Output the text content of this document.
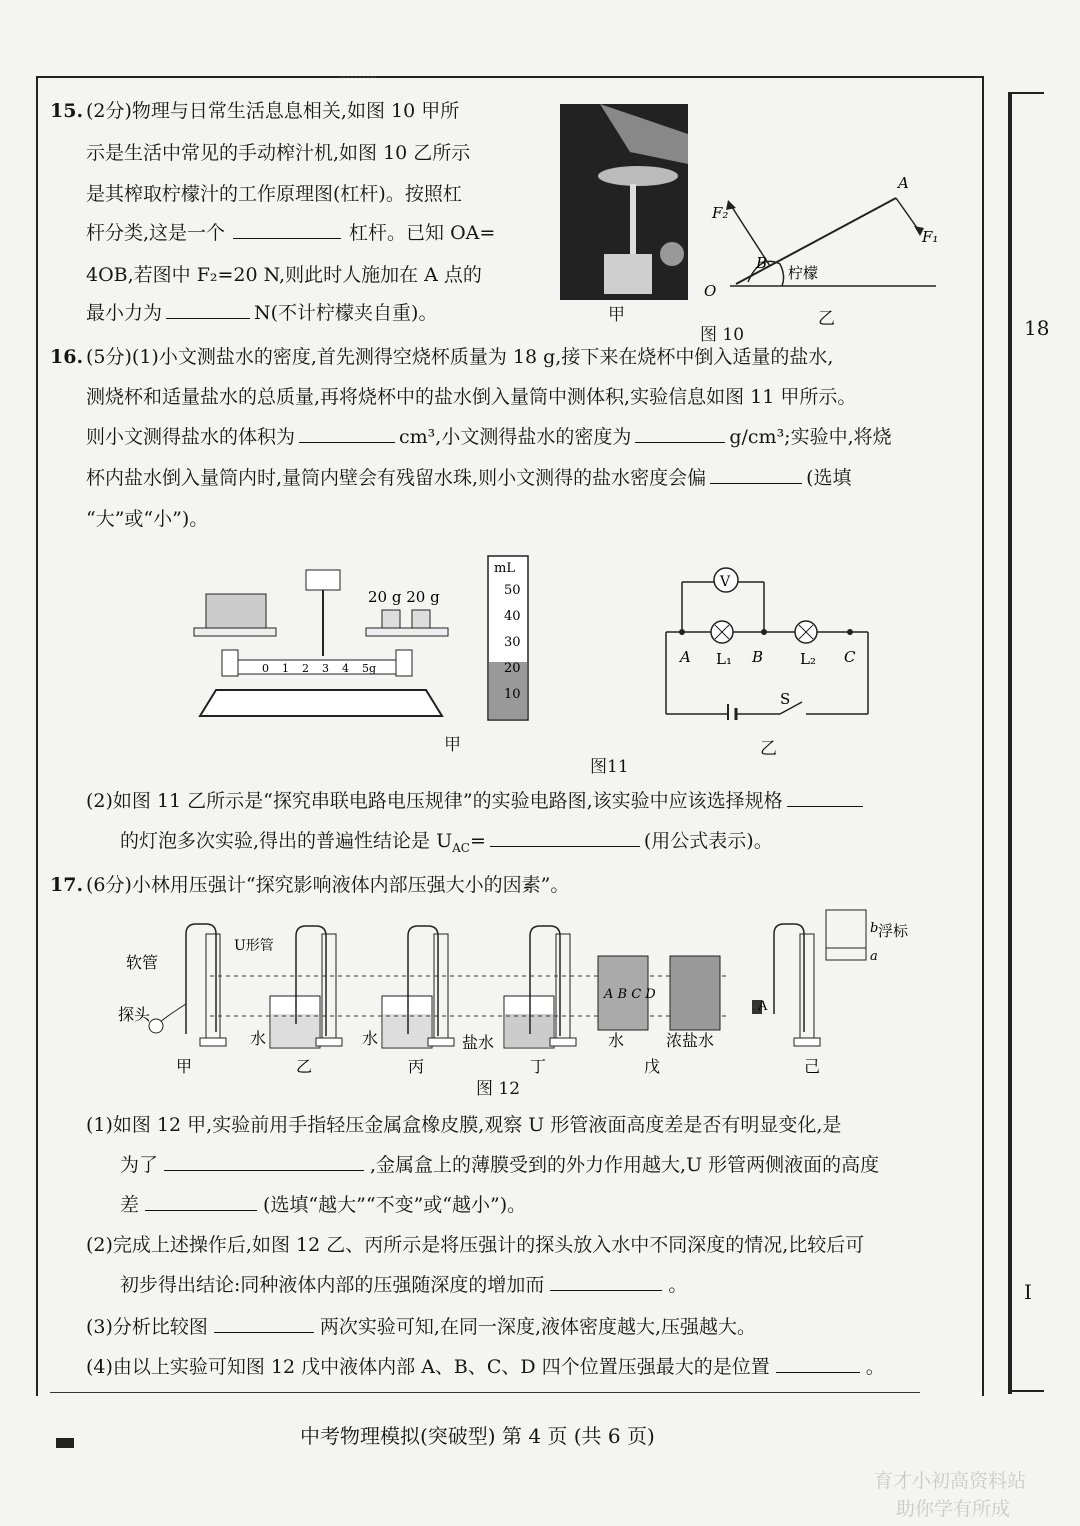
18
I
15. (2分)物理与日常生活息息相关,如图 10 甲所
示是生活中常见的手动榨汁机,如图 10 乙所示
是其榨取柠檬汁的工作原理图(杠杆)。按照杠
杆分类,这是一个	杠杆。已知 OA=
4OB,若图中 F₂=20 N,则此时人施加在 A 点的
最小力为	N(不计柠檬夹自重)。	甲
A
F₁
F₂
B
O
柠檬
乙
图 10
16. (5分)(1)小文测盐水的密度,首先测得空烧杯质量为 18 g,接下来在烧杯中倒入适量的盐水,
测烧杯和适量盐水的总质量,再将烧杯中的盐水倒入量筒中测体积,实验信息如图 11 甲所示。
则小文测得盐水的体积为	cm³,小文测得盐水的密度为	g/cm³;实验中,将烧
杯内盐水倒入量筒内时,量筒内壁会有残留水珠,则小文测得的盐水密度会偏	(选填
“大”或“小”)。
20 g 20 g
0 1 2 3 4 5g
mL
50
40
30
20
10
甲
V
A L₁ B L₂ C
S
乙
图11
(2)如图 11 乙所示是“探究串联电路电压规律”的实验电路图,该实验中应该选择规格
的灯泡多次实验,得出的普遍性结论是 $U_{AC}=$	(用公式表示)。
17. (6分)小林用压强计“探究影响液体内部压强大小的因素”。
软管
探头
U形管
甲
水
乙
水
丙
盐水
丁
A B C D
水	浓盐水
戊
A
b
a
浮标
己
图 12
(1)如图 12 甲,实验前用手指轻压金属盒橡皮膜,观察 U 形管液面高度差是否有明显变化,是
为了	,金属盒上的薄膜受到的外力作用越大,U 形管两侧液面的高度
差	(选填“越大”“不变”或“越小”)。
(2)完成上述操作后,如图 12 乙、丙所示是将压强计的探头放入水中不同深度的情况,比较后可
初步得出结论:同种液体内部的压强随深度的增加而	。
(3)分析比较图	两次实验可知,在同一深度,液体密度越大,压强越大。
(4)由以上实验可知图 12 戊中液体内部 A、B、C、D 四个位置压强最大的是位置	。
中考物理模拟(突破型) 第 4 页 (共 6 页)
育才小初高资料站
助你学有所成
